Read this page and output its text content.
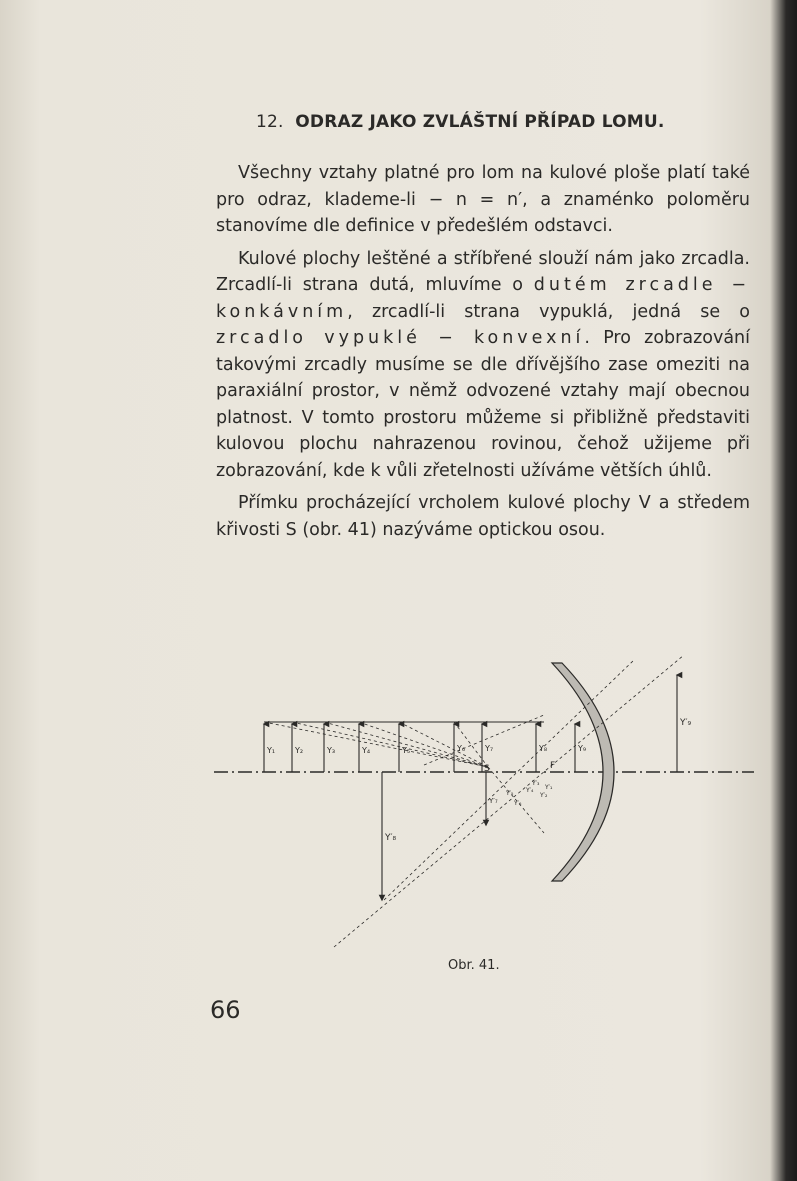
12. ODRAZ JAKO ZVLÁŠTNÍ PŘÍPAD LOMU.

Všechny vztahy platné pro lom na kulové ploše platí také pro odraz, klademe-li − n = n′, a znaménko poloměru stanovíme dle definice v předešlém odstavci.

Kulové plochy leštěné a stříbřené slouží nám jako zrcadla. Zrcadlí-li strana dutá, mluvíme o dutém zrcadle − konkávním, zrcadlí-li strana vypuklá, jedná se o zrcadlo vypuklé − konvexní. Pro zobrazování takovými zrcadly musíme se dle dřívějšího zase omeziti na paraxiální prostor, v němž odvozené vztahy mají obecnou platnost. V tomto prostoru můžeme si přibližně představiti kulovou plochu nahrazenou rovinou, čehož užijeme při zobrazování, kde k vůli zřetelnosti užíváme větších úhlů.

Přímku procházející vrcholem kulové plochy V a středem křivosti S (obr. 41) nazýváme optickou osou.

Y₁ Y₂	Y₃	Y₄	Y₅	Y₆ Y₇	Y₈	Y₉
Y′₉
Y′₈
Y′₇	Y′₆
Y′₅ Y′₄
Y′₃
Y′₂
Y′₁
S	F
Obr. 41.
66
